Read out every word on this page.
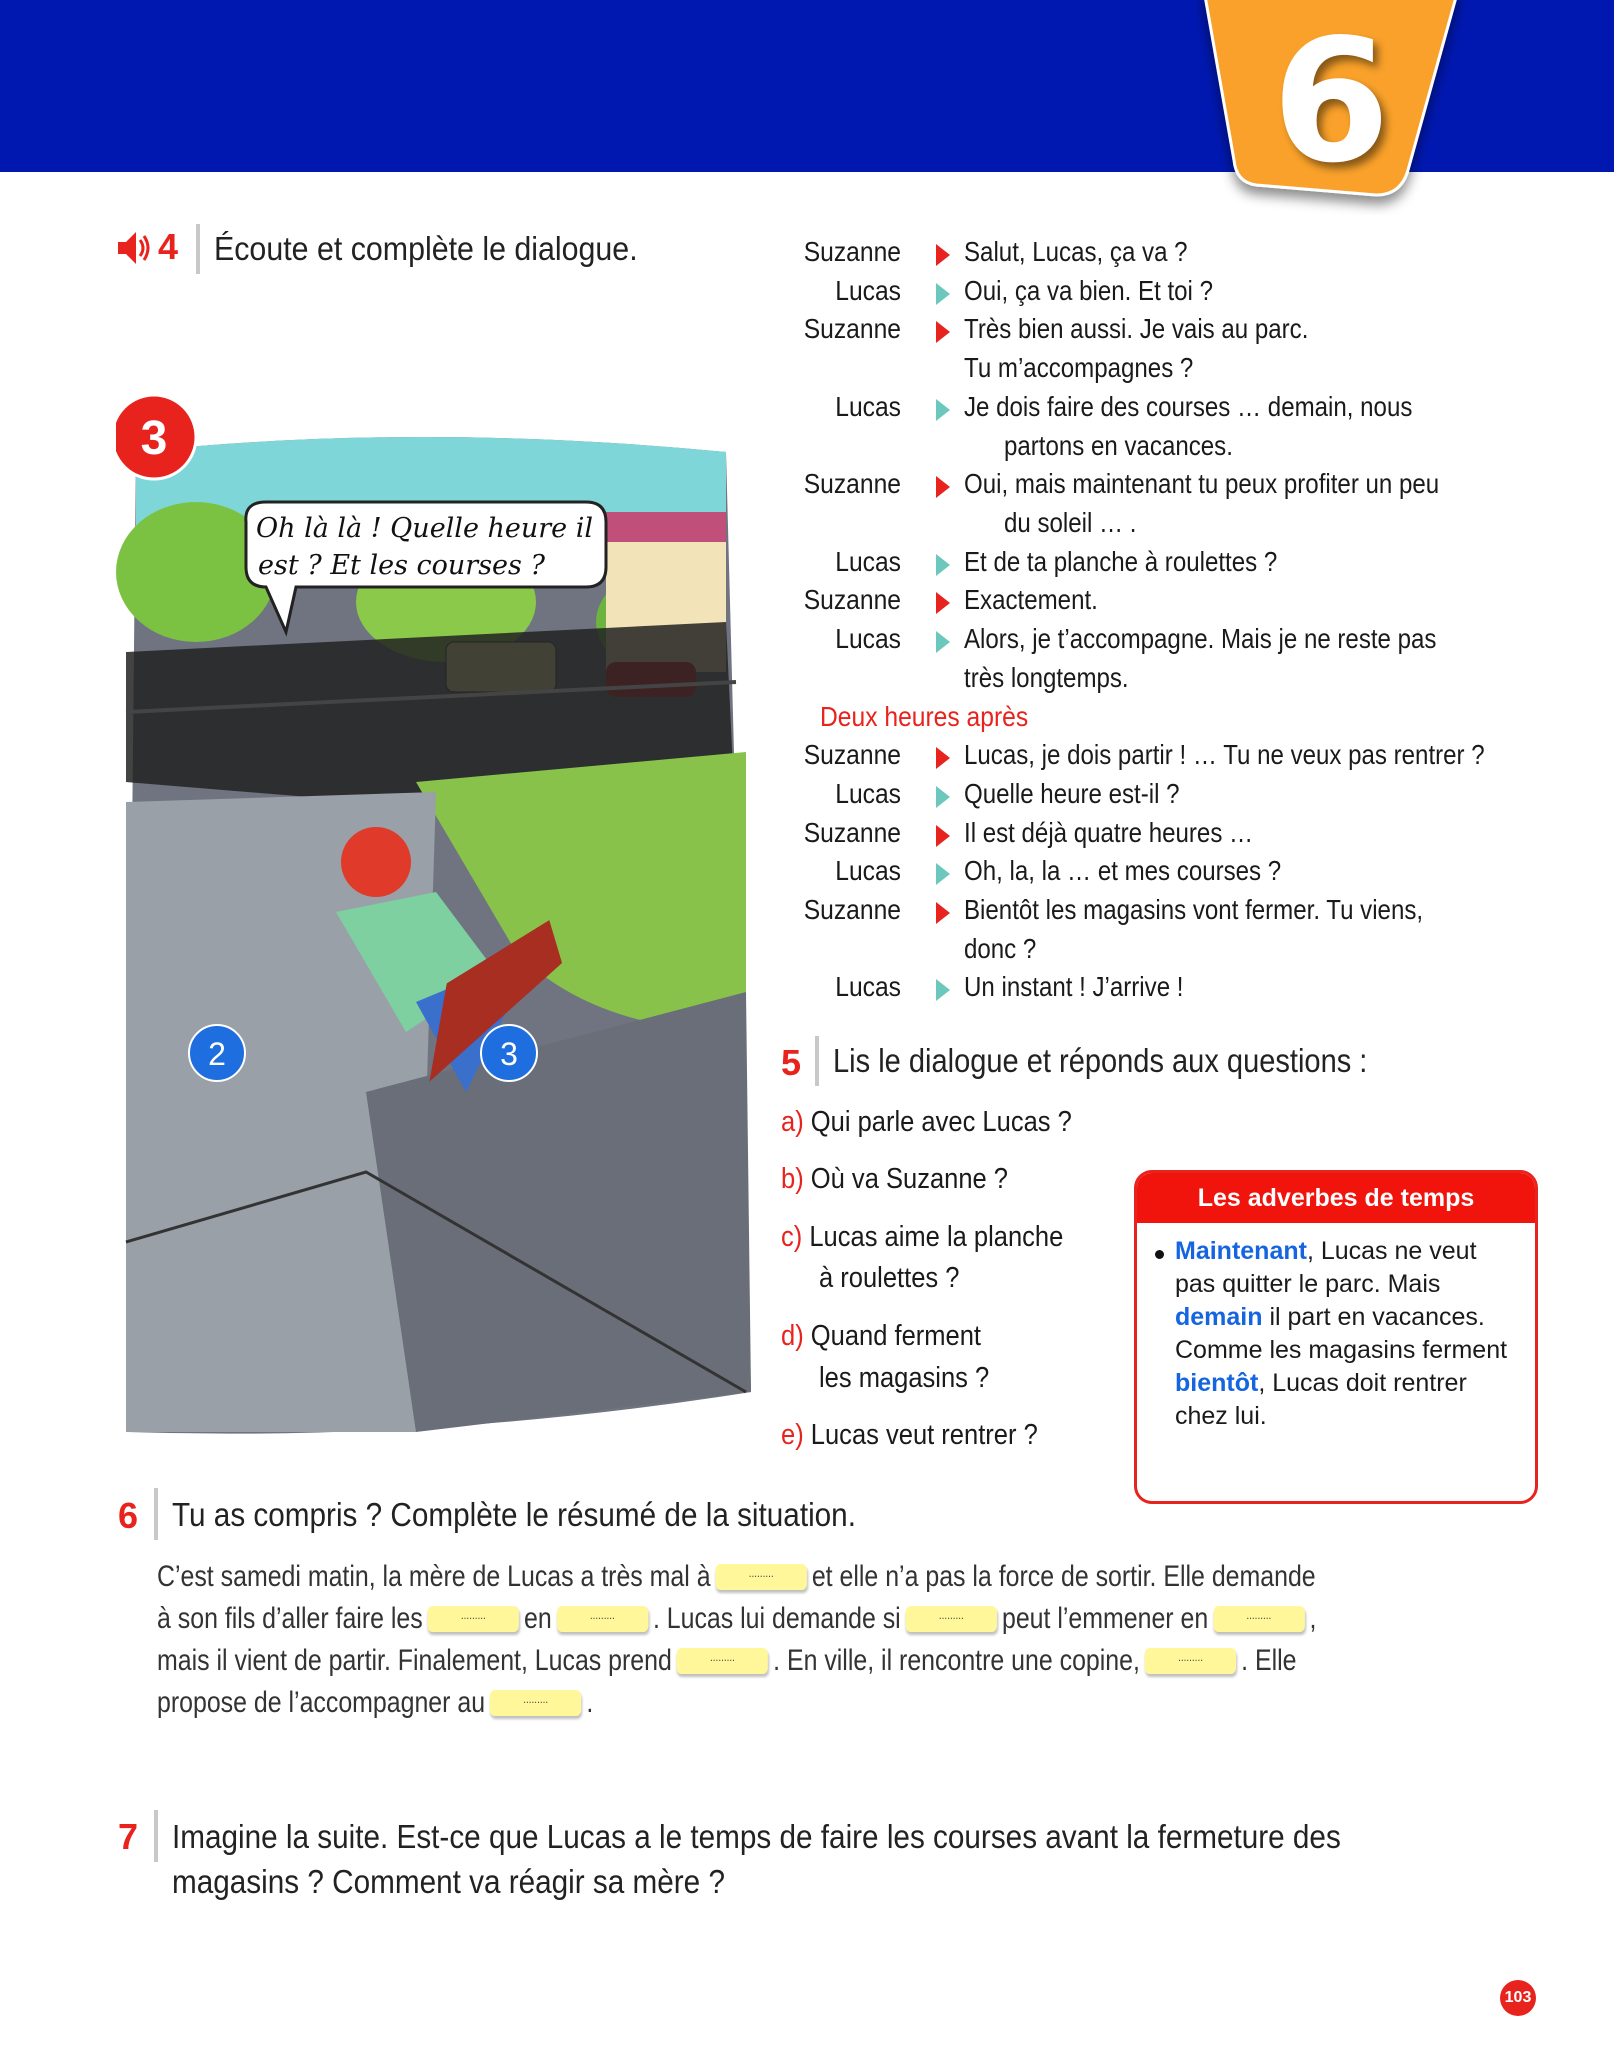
6
4 Écoute et complète le dialogue.
3
Oh là là ! Quelle heure il
est ? Et les courses ?
2	3
Suzanne Salut, Lucas, ça va ?
Lucas Oui, ça va bien. Et toi ?
Suzanne Très bien aussi. Je vais au parc.
Tu m’accompagnes ?
Lucas Je dois faire des courses … demain, nous
partons en vacances.
Suzanne Oui, mais maintenant tu peux profiter un peu
du soleil … .
Lucas Et de ta planche à roulettes ?
Suzanne Exactement.
Lucas Alors, je t’accompagne. Mais je ne reste pas
très longtemps.
Deux heures après
Suzanne Lucas, je dois partir ! … Tu ne veux pas rentrer ?
Lucas Quelle heure est-il ?
Suzanne Il est déjà quatre heures …
Lucas Oh, la, la … et mes courses ?
Suzanne Bientôt les magasins vont fermer. Tu viens,
donc ?
Lucas Un instant ! J’arrive !
5 Lis le dialogue et réponds aux questions :
a) Qui parle avec Lucas ?
b) Où va Suzanne ?
c) Lucas aime la planche
à roulettes ?
d) Quand ferment
les magasins ?
e) Lucas veut rentrer ?
Les adverbes de temps
Maintenant, Lucas ne veut pas quitter le parc. Mais demain il part en vacances. Comme les magasins ferment bientôt, Lucas doit rentrer chez lui.
6 Tu as compris ? Complète le résumé de la situation.
C’est samedi matin, la mère de Lucas a très mal à	.........	et elle n’a pas la force de sortir. Elle demande
à son fils d’aller faire les	.........	en	.........	. Lucas lui demande si	.........	peut l’emmener en	.........	,
mais il vient de partir. Finalement, Lucas prend	.........	. En ville, il rencontre une copine,	.........	. Elle
propose de l’accompagner au	.........	.
7 Imagine la suite. Est-ce que Lucas a le temps de faire les courses avant la fermeture des
magasins ? Comment va réagir sa mère ?
103
